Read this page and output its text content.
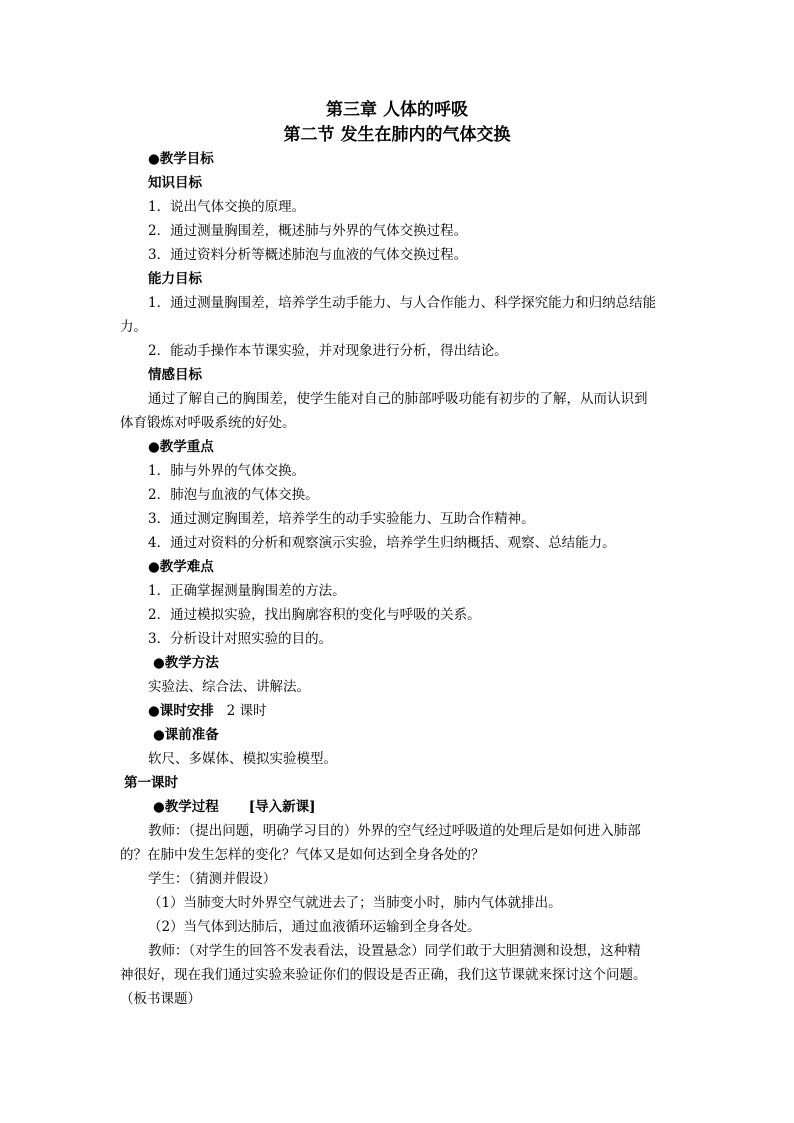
第三章 人体的呼吸
第二节 发生在肺内的气体交换
●教学目标
知识目标
1．说出气体交换的原理。
2．通过测量胸围差，概述肺与外界的气体交换过程。
3．通过资料分析等概述肺泡与血液的气体交换过程。
能力目标
1．通过测量胸围差，培养学生动手能力、与人合作能力、科学探究能力和归纳总结能
力。
2．能动手操作本节课实验，并对现象进行分析，得出结论。
情感目标
通过了解自己的胸围差，使学生能对自己的肺部呼吸功能有初步的了解，从而认识到
体育锻炼对呼吸系统的好处。
●教学重点
1．肺与外界的气体交换。
2．肺泡与血液的气体交换。
3．通过测定胸围差，培养学生的动手实验能力、互助合作精神。
4．通过对资料的分析和观察演示实验，培养学生归纳概括、观察、总结能力。
●教学难点
1．正确掌握测量胸围差的方法。
2．通过模拟实验，找出胸廓容积的变化与呼吸的关系。
3．分析设计对照实验的目的。
●教学方法
实验法、综合法、讲解法。
●课时安排 2 课时
●课前准备
软尺、多媒体、模拟实验模型。
第一课时
●教学过程 [导入新课]
教师：（提出问题，明确学习目的）外界的空气经过呼吸道的处理后是如何进入肺部
的？在肺中发生怎样的变化？气体又是如何达到全身各处的？
学生：（猜测并假设）
（1）当肺变大时外界空气就进去了；当肺变小时，肺内气体就排出。
（2）当气体到达肺后，通过血液循环运输到全身各处。
教师：（对学生的回答不发表看法，设置悬念）同学们敢于大胆猜测和设想，这种精
神很好，现在我们通过实验来验证你们的假设是否正确，我们这节课就来探讨这个问题。
（板书课题）
